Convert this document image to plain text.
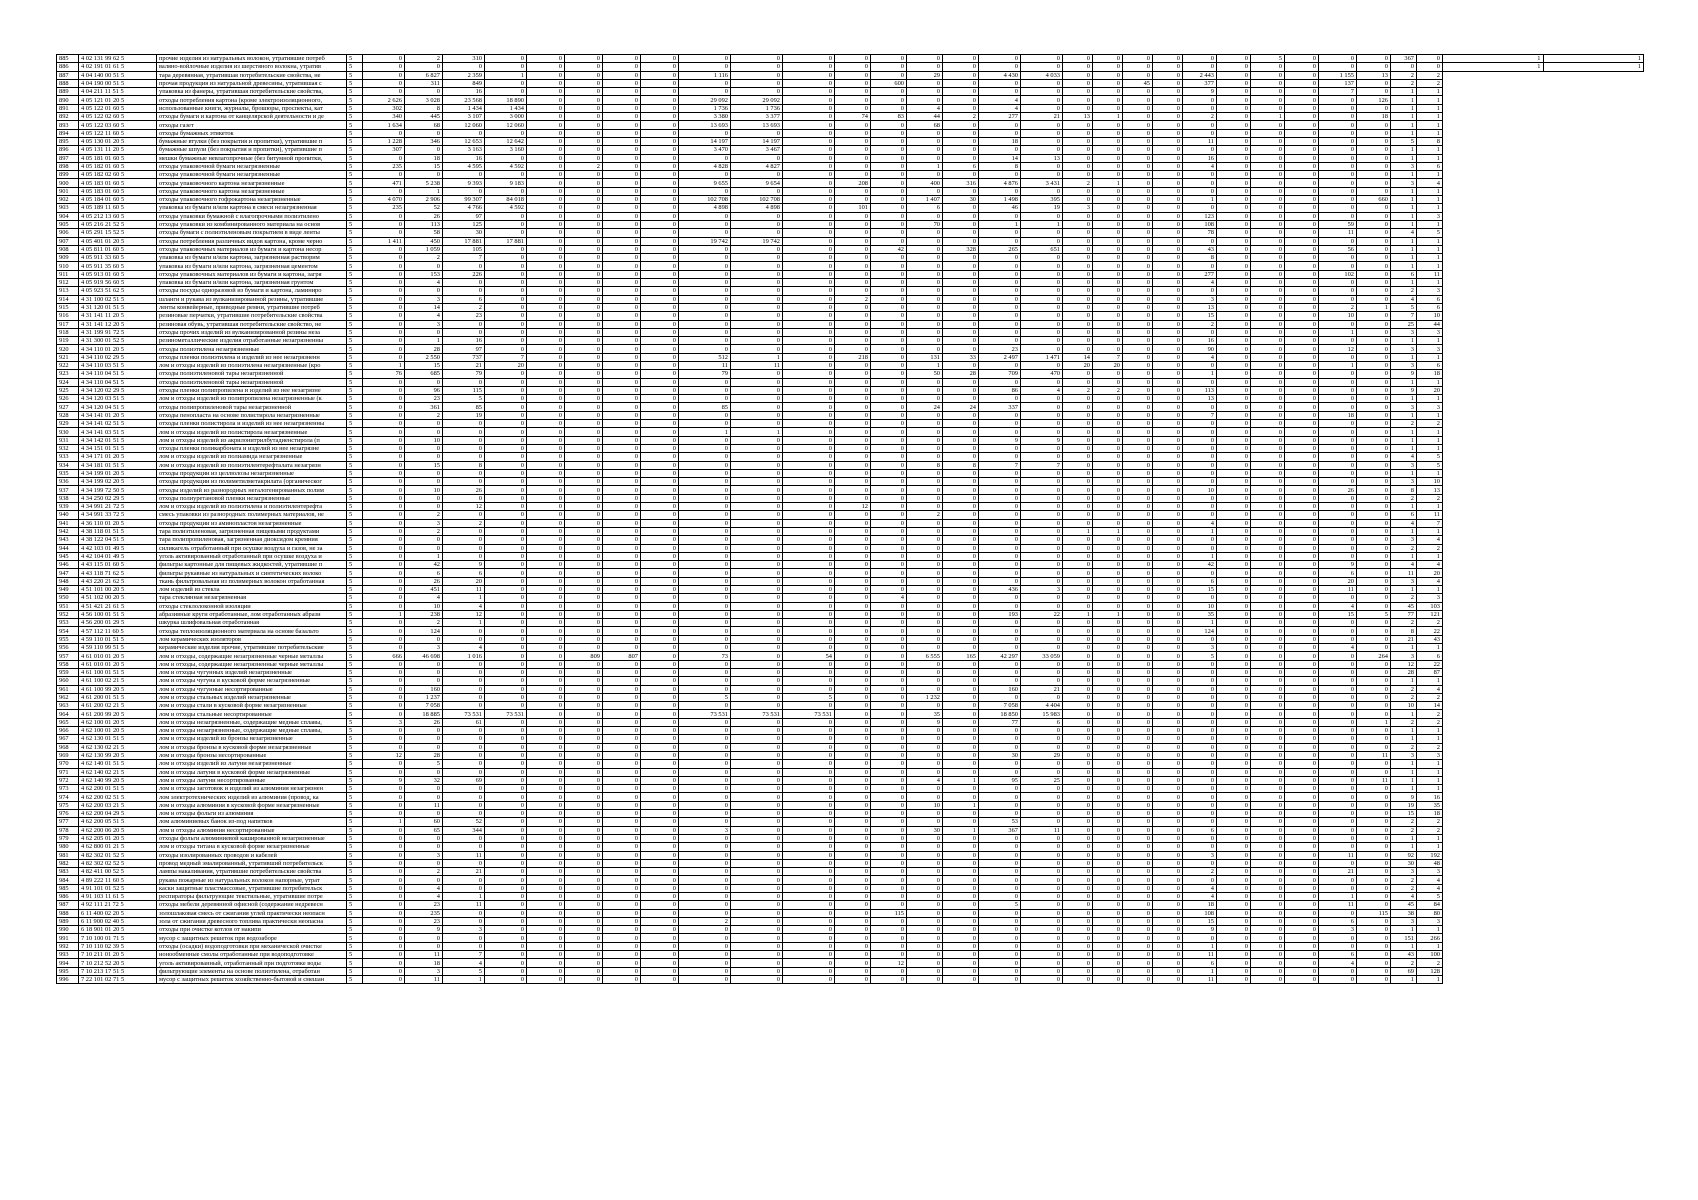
885	4 02 131 99 62 5	прочие изделия из натуральных волокон, утратившие потреб	5	0	2	310	0	0	0	0	0	0	0	0	0	0	0	0	0	0	0	0	0	0	0	0	5	0	0	0	367	0	1	1
886	4 02 191 01 61 5	валяно-войлочные изделия из шерстяного волокна, утратив	5	0	0	0	0	0	0	0	0	0	0	0	0	0	0	0	0	0	0	0	0	0	0	0	0	0	0	0	0	0	1	1
887	4 04 140 00 51 5	тара деревянная, утратившая потребительские свойства, не	5	0	6 827	2 359	1	0	0	0	0	1 116	0	0	0	0	29	0	4 430	4 033	0	0	0	0	2 443	0	0	0	1 155	13	2	2		
888	4 04 190 00 51 5	прочая продукция из натуральной древесины, утратившая с	5	0	311	849	0	0	0	0	0	0	0	0	0	600	0	0	0	0	0	0	45	0	377	0	0	0	137	0	2	2		
889	4 04 211 11 51 5	упаковка из фанеры, утратившая потребительские свойства,	5	0	0	16	0	0	0	0	0	0	0	0	0	0	0	0	0	0	0	0	0	0	9	0	0	0	7	0	1	1		
890	4 05 121 01 20 5	отходы потребления картона (кроме электроизоляционного,	5	2 626	3 028	23 568	18 890	0	0	0	0	29 092	29 092	0	0	0	0	0	4	0	0	0	0	0	0	0	0	0	0	126	1	1		
891	4 05 122 01 60 5	использованные книги, журналы, брошюры, проспекты, кат	5	302	8	1 434	1 434	0	0	0	0	1 736	1 736	0	0	0	4	0	4	0	0	0	0	0	0	0	0	0	0	0	1	1		
892	4 05 122 02 60 5	отходы бумаги и картона от канцелярской деятельности и де	5	340	445	3 107	3 000	0	0	0	0	3 380	3 377	0	74	83	44	2	277	21	13	1	0	0	2	0	1	0	0	18	1	1		
893	4 05 122 03 60 5	отходы газет	5	1 634	68	12 060	12 060	0	0	0	0	13 693	13 693	0	0	0	68	0	0	0	0	0	0	0	0	0	0	0	0	0	1	1		
894	4 05 122 11 60 5	отходы бумажных этикеток	5	0	0	0	0	0	0	0	0	0	0	0	0	0	0	0	0	0	0	0	0	0	0	0	0	0	0	0	1	1		
895	4 05 130 01 20 5	бумажные втулки (без покрытия и пропитки), утратившие п	5	1 228	346	12 653	12 642	0	0	0	0	14 197	14 197	0	0	0	0	0	18	0	0	0	0	0	11	0	0	0	0	0	5	8		
896	4 05 131 11 20 5	бумажные шпули (без покрытия и пропитки), утратившие п	5	307	0	3 163	3 160	0	0	0	0	3 470	3 467	0	0	0	0	0	0	0	0	0	0	0	0	0	0	0	0	0	1	1		
897	4 05 181 01 60 5	мешки бумажные невлагопрочные (без битумной пропитки,	5	0	18	16	0	0	0	0	0	0	0	0	0	0	0	0	14	13	0	0	0	0	16	0	0	0	0	0	1	1		
898	4 05 182 01 60 5	отходы упаковочной бумаги незагрязненные	5	235	15	4 595	4 592	0	2	0	0	4 828	4 827	0	0	0	1	6	8	0	0	0	0	0	4	0	0	0	0	0	3	6		
899	4 05 182 02 60 5	отходы упаковочной бумаги незагрязненные	5	0	0	0	0	0	0	0	0	0	0	0	0	0	0	0	0	0	0	0	0	0	0	0	0	0	0	0	1	1		
900	4 05 183 01 60 5	отходы упаковочного картона незагрязненные	5	471	5 238	9 393	9 183	0	0	0	0	9 655	9 654	0	208	0	400	316	4 876	3 431	2	1	0	0	0	0	0	0	0	0	3	4		
901	4 05 183 01 60 5	отходы упаковочного картона незагрязненные	5	0	1	0	0	0	0	0	0	0	0	0	0	0	0	0	0	0	0	0	0	0	0	0	0	0	0	0	1	1		
902	4 05 184 01 60 5	отходы упаковочного гофрокартона незагрязненные	5	4 070	2 906	99 307	84 018	0	0	0	0	102 708	102 708	0	0	0	1 407	30	1 498	395	0	0	0	0	1	0	0	0	0	660	1	1		
903	4 05 189 11 60 5	упаковка из бумаги и/или картона в смеси незагрязненная	5	235	52	4 766	4 592	0	0	0	0	4 898	4 898	0	101	0	6	0	46	19	3	0	0	0	0	0	0	0	0	0	1	1		
904	4 05 212 13 60 5	отходы упаковки бумажной с влагопрочными полиэтилено	5	0	26	97	0	0	0	0	0	0	0	0	0	0	0	0	0	0	0	0	0	0	123	0	0	0	0	0	1	3		
905	4 05 216 21 52 5	отходы упаковки из комбинированного материала на основ	5	0	113	125	0	0	0	0	0	0	0	0	0	0	70	0	1	1	0	0	0	0	108	0	0	0	59	0	1	1		
906	4 05 291 15 52 5	отходы бумаги с полиэтиленовым покрытием в виде ленты	5	0	58	30	0	0	0	0	0	0	0	0	0	0	0	0	0	0	0	0	0	0	78	0	0	0	11	0	4	5		
907	4 05 401 01 20 5	отходы потребления различных видов картона, кроме черно	5	1 411	450	17 881	17 881	0	0	0	0	19 742	19 742	0	0	0	0	0	0	0	0	0	0	0	0	0	0	0	0	0	1	1		
908	4 05 811 01 60 5	отходы упаковочных материалов из бумаги и картона несор	5	0	1 059	105	0	0	0	0	0	0	0	0	0	42	0	328	265	651	0	0	0	0	43	0	0	0	56	0	1	1		
909	4 05 911 33 60 5	упаковка из бумаги и/или картона, загрязненная растворим	5	0	2	7	0	0	0	0	0	0	0	0	0	0	0	0	0	0	0	0	0	0	8	0	0	0	0	0	1	1		
910	4 05 911 35 60 5	упаковка из бумаги и/или картона, загрязненная цементом	5	0	0	0	0	0	0	0	0	0	0	0	0	0	0	0	0	0	0	0	0	0	0	0	0	0	0	0	1	1		
911	4 05 913 01 60 5	отходы упаковочных материалов из бумаги и картона, загря	5	0	153	226	0	0	0	0	0	0	0	0	0	0	0	0	0	0	0	0	0	0	277	0	0	0	102	0	6	11		
912	4 05 919 56 60 5	упаковка из бумаги и/или картона, загрязненная грунтом	5	0	4	0	0	0	0	0	0	0	0	0	0	0	0	0	0	0	0	0	0	0	4	0	0	0	0	0	1	1		
913	4 05 923 51 62 5	отходы посуды одноразовой из бумаги и картона, ламиниро	5	0	0	0	0	0	0	0	0	0	0	0	0	0	0	0	0	0	0	0	0	0	0	0	0	0	0	0	2	3		
914	4 31 100 02 51 5	шланги и рукава из вулканизированной резины, утратившие	5	0	3	6	0	0	0	0	0	0	0	0	2	0	0	0	0	0	0	0	0	0	3	0	0	0	0	0	4	6		
915	4 31 120 01 51 5	ленты конвейерные, приводные ремни, утратившие потреб	5	0	14	2	0	0	0	0	0	0	0	0	0	0	0	0	0	0	0	0	0	0	13	0	0	0	2	1	5	6		
916	4 31 141 11 20 5	резиновые перчатки, утратившие потребительские свойства	5	0	4	23	0	0	0	0	0	0	0	0	0	0	0	0	0	0	0	0	0	0	15	0	0	0	10	0	7	10		
917	4 31 141 12 20 5	резиновая обувь, утратившая потребительские свойство, не	5	0	3	0	0	0	0	0	0	0	0	0	0	0	0	0	0	0	0	0	0	0	2	0	0	0	0	0	25	44		
918	4 31 199 91 72 5	отходы прочих изделий из вулканизированной резины неза	5	0	0	0	0	0	0	0	0	0	0	0	0	0	0	0	0	0	0	0	0	0	0	0	0	0	1	0	3	3		
919	4 31 300 01 52 5	резинометаллические изделия отработанные незагрязненны	5	0	1	16	0	0	0	0	0	0	0	0	0	0	0	0	0	0	0	0	0	0	16	0	0	0	0	0	1	1		
920	4 34 110 01 20 5	отходы полиэтилена незагрязненные	5	0	28	97	0	0	0	0	0	0	0	0	0	0	0	0	23	0	0	0	0	0	90	0	0	0	12	0	3	3		
921	4 34 110 02 29 5	отходы пленки полиэтилена и изделий из нее незагрязненн	5	0	2 550	737	7	0	0	0	0	512	1	0	218	0	131	33	2 497	1 471	14	7	0	0	4	0	0	0	0	0	1	1		
922	4 34 110 03 51 5	лом и отходы изделий из полиэтилена незагрязненные (кро	5	1	15	21	20	0	0	0	0	11	11	0	0	0	1	0	0	0	20	20	0	0	0	0	0	0	1	0	3	6		
923	4 34 110 04 51 5	отходы полиэтиленовой тары незагрязненной	5	76	685	79	0	0	0	0	0	79	0	0	0	0	50	28	709	470	0	0	0	0	1	0	0	0	0	0	9	18		
924	4 34 110 04 51 5	отходы полиэтиленовой тары незагрязненной	5	0	0	0	0	0	0	0	0	0	0	0	0	0	0	0	0	0	0	0	0	0	0	0	0	0	0	0	1	1		
925	4 34 120 02 29 5	отходы пленки полипропилена и изделий из нее незагрязне	5	0	96	115	0	0	0	0	0	0	0	0	0	0	0	0	86	4	2	2	0	0	113	0	0	0	0	0	9	20		
926	4 34 120 03 51 5	лом и отходы изделий из полипропилена незагрязненные (к	5	0	23	5	0	0	0	0	0	0	0	0	0	0	0	0	0	0	0	0	0	0	13	0	0	0	0	0	1	1		
927	4 34 120 04 51 5	отходы полипропиленовой тары незагрязненной	5	0	361	85	0	0	0	0	0	85	0	0	0	0	24	24	337	0	0	0	0	0	0	0	0	0	0	0	3	3		
928	4 34 141 01 20 5	отходы пенопласта на основе полистирола незагрязненные	5	0	2	19	0	0	0	0	0	0	0	0	0	0	0	0	0	0	0	0	0	0	7	0	0	0	18	0	1	1		
929	4 34 141 02 51 5	отходы пленки полистирола и изделий из нее незагрязненны	5	0	0	0	0	0	0	0	0	0	0	0	0	0	0	0	0	0	0	0	0	0	0	0	0	0	0	0	2	2		
930	4 34 141 03 51 5	лом и отходы изделий из полистирола незагрязненные	5	0	0	0	0	0	0	0	0	1	1	0	0	0	0	0	0	0	0	0	0	0	0	0	0	0	0	0	1	1		
931	4 34 142 01 51 5	лом и отходы изделий из акрилонитрилбутадиенстирола (п	5	0	10	0	0	0	0	0	0	0	0	0	0	0	0	0	9	9	0	0	0	0	0	0	0	0	0	0	1	1		
932	4 34 151 01 51 5	отходы пленки поликарбоната и изделий из нее незагрязне	5	0	0	0	0	0	0	0	0	0	0	0	0	0	0	0	0	0	0	0	0	0	0	0	0	0	0	0	1	1		
933	4 34 171 01 20 5	лом и отходы изделий из полиамида незагрязненные	5	0	0	0	0	0	0	0	0	0	0	0	0	0	0	0	0	0	0	0	0	0	0	0	0	0	0	0	4	5		
934	4 34 181 01 51 5	лом и отходы изделий из полиэтилентерефталата незагрязн	5	0	15	8	0	0	0	0	0	0	0	0	0	0	8	8	7	7	0	0	0	0	0	0	0	0	0	0	3	5		
935	4 34 199 01 20 5	отходы продукции из целлюлозы незагрязненные	5	0	0	0	0	0	0	0	0	0	0	0	0	0	0	0	0	0	0	0	0	0	0	0	0	0	0	0	1	1		
936	4 34 199 02 20 5	отходы продукции из полиметилметакрилата (органическог	5	0	0	0	0	0	0	0	0	0	0	0	0	0	0	0	0	0	0	0	0	0	0	0	0	0	0	0	3	10		
937	4 34 199 72 50 5	отходы изделий из разнородных негалогенированных полим	5	0	10	26	0	0	0	0	0	0	0	0	0	0	0	0	0	0	0	0	0	0	10	0	0	0	26	0	8	13		
938	4 34 250 02 29 5	отходы полиуретановой пленки незагрязненные	5	0	0	0	0	0	0	0	0	0	0	0	0	0	0	0	0	0	0	0	0	0	0	0	0	0	0	0	2	2		
939	4 34 991 21 72 5	лом и отходы изделий из полиэтилена и полиэтилентерефта	5	0	0	12	0	0	0	0	0	0	0	0	12	0	0	0	0	0	0	0	0	0	0	0	0	0	0	0	1	1		
940	4 34 991 33 72 5	смесь упаковки из разнородных полимерных материалов, не	5	0	2	0	0	0	0	0	0	0	0	0	0	0	2	0	0	0	0	0	0	0	0	0	0	0	0	0	6	11		
941	4 36 110 01 20 5	отходы продукции из аминопластов незагрязненные	5	0	3	2	0	0	0	0	0	0	0	0	0	0	0	0	0	0	0	0	0	0	4	0	0	0	0	0	4	7		
942	4 38 118 01 51 5	тара полиэтиленовая, загрязненная пищевыми продуктами	5	0	2	0	0	0	0	0	0	0	0	0	0	0	0	0	0	0	1	1	0	0	1	0	0	0	0	0	1	1		
943	4 38 122 04 51 5	тара полипропиленовая, загрязненная диоксидом кремния	5	0	0	0	0	0	0	0	0	0	0	0	0	0	0	0	0	0	0	0	0	0	0	0	0	0	0	0	3	4		
944	4 42 103 01 49 5	силикагель отработанный при осушке воздуха и газов, не за	5	0	0	0	0	0	0	0	0	0	0	0	0	0	0	0	0	0	0	0	0	0	0	0	0	0	0	0	2	2		
945	4 42 104 01 49 5	уголь активированный отработанный при осушке воздуха и	5	0	1	0	0	0	0	0	0	0	0	0	0	0	0	0	0	0	0	0	0	0	1	0	0	0	0	0	1	1		
946	4 43 115 01 60 5	фильтры картонные для пищевых жидкостей, утратившие п	5	0	42	9	0	0	0	0	0	0	0	0	0	0	0	0	0	0	0	0	0	0	42	0	0	0	9	0	4	4		
947	4 43 118 71 62 5	фильтры рукавные из натуральных и синтетических волоко	5	0	6	6	0	0	0	0	0	0	0	0	0	0	0	0	0	0	0	0	0	0	0	0	0	0	6	0	11	20		
948	4 43 220 21 62 5	ткань фильтровальная из полимерных волокон отработанная	5	0	26	20	0	0	0	0	0	0	0	0	0	0	0	0	0	0	0	0	0	0	6	0	0	0	20	0	3	4		
949	4 51 101 00 20 5	лом изделий из стекла	5	0	451	11	0	0	0	0	0	0	0	0	0	0	0	0	436	3	0	0	0	0	15	0	0	0	11	0	1	1		
950	4 51 102 00 20 5	тара стеклянная незагрязненная	5	0	4	1	0	0	0	0	0	0	0	0	0	4	0	0	0	0	0	0	0	0	0	0	0	0	0	0	2	3		
951	4 51 421 21 61 5	отходы стеклолоконной изоляции	5	0	10	4	0	0	0	0	0	0	0	0	0	0	0	0	0	0	0	0	0	0	10	0	0	0	4	0	45	103		
952	4 56 100 01 51 5	абразивные круги отработанные, лом отработанных абрази	5	1	238	12	0	0	0	0	0	0	0	0	0	0	0	0	193	22	1	1	0	0	35	0	0	0	15	5	77	121		
953	4 56 200 01 29 5	шкурка шлифовальная отработанная	5	0	2	1	0	0	0	0	0	0	0	0	0	0	0	0	0	0	0	0	0	0	1	0	0	0	0	0	2	2		
954	4 57 112 11 60 5	отходы теплоизоляционного материала на основе базальто	5	0	124	0	0	0	0	0	0	0	0	0	0	0	0	0	0	0	0	0	0	0	124	0	0	0	0	0	8	22		
955	4 59 110 01 51 5	лом керамических изоляторов	5	0	0	0	0	0	0	0	0	0	0	0	0	0	0	0	0	0	0	0	0	0	0	0	0	0	0	0	21	43		
956	4 59 110 99 51 5	керамические изделия прочие, утратившие потребительские	5	0	3	4	0	0	0	0	0	0	0	0	0	0	0	0	0	0	0	0	0	0	3	0	0	0	4	0	1	1		
957	4 61 010 01 20 5	лом и отходы, содержащие незагрязненные черные металлы	5	666	46 698	1 016	0	0	809	807	0	73	0	54	0	0	6 555	165	42 297	33 059	0	0	0	0	5	0	0	0	0	264	3	6		
958	4 61 010 01 20 5	лом и отходы, содержащие незагрязненные черные металлы	5	0	0	0	0	0	0	0	0	0	0	0	0	0	0	0	0	0	0	0	0	0	0	0	0	0	0	0	12	22		
959	4 61 100 01 51 5	лом и отходы чугунных изделий незагрязненные	5	0	0	0	0	0	0	0	0	0	0	0	0	0	0	0	0	0	0	0	0	0	0	0	0	0	0	0	28	87		
960	4 61 100 02 21 5	лом и отходы чугуна в кусковой форме незагрязненные	5	0	0	0	0	0	0	0	0	0	0	0	0	0	0	0	0	0	0	0	0	0	0	0	0	0	0	0	1	1		
961	4 61 100 99 20 5	лом и отходы чугунные несортированные	5	0	160	0	0	0	0	0	0	0	0	0	0	0	0	0	160	21	0	0	0	0	0	0	0	0	0	0	2	4		
962	4 61 200 01 51 5	лом и отходы стальных изделий незагрязненные	5	0	1 237	0	0	0	0	0	0	5	0	5	0	0	1 232	0	0	0	0	0	0	0	0	0	0	0	0	0	2	2		
963	4 61 200 02 21 5	лом и отходы стали в кусковой форме незагрязненные	5	0	7 058	0	0	0	0	0	0	0	0	0	0	0	0	0	7 058	4 404	0	0	0	0	0	0	0	0	0	0	10	14		
964	4 61 200 99 20 5	лом и отходы стальные несортированные	5	0	18 885	73 531	73 531	0	0	0	0	73 531	73 531	73 531	0	0	35	0	18 850	15 983	0	0	0	0	0	0	0	0	0	0	1	2		
965	4 62 100 01 20 5	лом и отходы незагрязненные, содержащие медные сплавы,	5	3	26	61	0	0	0	0	0	0	0	0	0	0	9	0	77	6	0	0	0	0	0	0	0	0	0	1	2	2		
966	4 62 100 01 20 5	лом и отходы незагрязненные, содержащие медные сплавы,	5	0	0	0	0	0	0	0	0	0	0	0	0	0	0	0	0	0	0	0	0	0	0	0	0	0	0	0	1	1		
967	4 62 130 01 51 5	лом и отходы изделий из бронзы незагрязненные	5	0	0	0	0	0	0	0	0	0	0	0	0	0	0	0	0	0	0	0	0	0	0	0	0	0	0	0	1	1		
968	4 62 130 02 21 5	лом и отходы бронзы в кусковой форме незагрязненные	5	0	0	0	0	0	0	0	0	0	0	0	0	0	0	0	0	0	0	0	0	0	0	0	0	0	0	0	2	2		
969	4 62 130 99 20 5	лом и отходы бронзы несортированные	5	12	28	0	0	0	0	0	0	0	0	0	0	0	0	0	30	29	0	0	0	0	0	0	0	0	0	11	3	3		
970	4 62 140 01 51 5	лом и отходы изделий из латуни незагрязненные	5	0	5	0	0	0	0	0	0	0	0	0	0	0	0	0	0	0	0	0	0	0	0	0	0	0	0	0	1	1		
971	4 62 140 02 21 5	лом и отходы латуни в кусковой форме незагрязненные	5	0	0	0	0	0	0	0	0	0	0	0	0	0	0	0	0	0	0	0	0	0	0	0	0	0	0	0	1	1		
972	4 62 140 99 20 5	лом и отходы латуни несортированные	5	9	32	69	0	0	0	0	0	0	0	0	0	0	4	1	95	25	0	0	0	0	0	0	0	0	0	11	1	1		
973	4 62 200 01 51 5	лом и отходы заготовок и изделий из алюминия незагрязнен	5	0	0	0	0	0	0	0	0	0	0	0	0	0	0	0	0	0	0	0	0	0	0	0	0	0	0	0	1	1		
974	4 62 200 02 51 5	лом электротехнических изделий из алюминия (провод, ка	5	0	0	0	0	0	0	0	0	0	0	0	0	0	0	0	0	0	0	0	0	0	0	0	0	0	0	0	9	16		
975	4 62 200 03 21 5	лом и отходы алюминия в кусковой форме незагрязненные	5	0	11	0	0	0	0	0	0	0	0	0	0	0	10	1	0	0	0	0	0	0	0	0	0	0	0	0	19	35		
976	4 62 200 04 29 5	лом и отходы фольги из алюминия	5	0	0	0	0	0	0	0	0	0	0	0	0	0	0	0	0	0	0	0	0	0	0	0	0	0	0	0	15	18		
977	4 62 200 05 51 5	лом алюминиевых банок из-под напитков	5	1	60	52	0	0	0	0	0	0	0	0	0	0	0	0	53	0	0	0	0	0	0	0	0	0	0	0	2	2		
978	4 62 200 06 20 5	лом и отходы алюминия несортированные	5	0	65	344	0	0	0	0	0	3	0	0	0	0	30	1	367	11	0	0	0	0	6	0	0	0	0	0	2	2		
979	4 62 205 01 20 5	отходы фольги алюминиевой кашированной незагрязненные	5	0	0	0	0	0	0	0	0	0	0	0	0	0	0	0	0	0	0	0	0	0	0	0	0	0	0	0	1	1		
980	4 62 800 01 21 5	лом и отходы титана в кусковой форме незагрязненные	5	0	0	0	0	0	0	0	0	0	0	0	0	0	0	0	0	0	0	0	0	0	0	0	0	0	0	0	1	1		
981	4 82 302 01 52 5	отходы изолированных проводов и кабелей	5	0	3	11	0	0	0	0	0	0	0	0	0	0	0	0	0	0	0	0	0	0	3	0	0	0	11	0	92	192		
982	4 82 302 02 52 5	провод медный эмалированный, утративший потребительск	5	0	0	0	0	0	0	0	0	0	0	0	0	0	0	0	0	0	0	0	0	0	0	0	0	0	0	0	30	48		
983	4 82 411 00 52 5	лампы накаливания, утратившие потребительские свойства	5	0	2	21	0	0	0	0	0	0	0	0	0	0	0	0	0	0	0	0	0	0	2	0	0	0	21	0	3	3		
984	4 89 222 11 60 5	рукава пожарные из натуральных волокон напорные, утрат	5	0	0	0	0	0	0	0	0	0	0	0	0	0	0	0	0	0	0	0	0	0	0	0	0	0	0	0	2	4		
985	4 91 101 01 52 5	каски защитные пластмассовые, утратившие потребительск	5	0	4	0	0	0	0	0	0	0	0	0	0	0	0	0	0	0	0	0	0	0	4	0	0	0	0	0	2	4		
986	4 91 103 11 61 5	респираторы фильтрующие текстильные, утратившие потре	5	0	4	1	0	0	0	0	0	0	0	0	0	0	0	0	0	0	0	0	0	0	4	0	0	0	1	0	4	5		
987	4 92 111 21 72 5	отходы мебели деревянной офисной (содержание недревесн	5	0	23	11	0	0	0	0	0	0	0	0	0	0	0	0	5	0	0	0	0	0	18	0	0	0	11	0	45	84		
988	6 11 400 02 20 5	золошлаковая смесь от сжигания углей практически неопасн	5	0	235	0	0	0	0	0	0	0	0	0	0	115	0	0	0	0	0	0	0	0	108	0	0	0	0	115	38	80		
989	6 11 900 02 40 5	зола от сжигания древесного топлива практически неопасна	5	0	23	0	0	0	0	0	0	2	0	0	0	0	0	0	0	0	0	0	0	0	15	0	0	0	6	0	3	3		
990	6 18 901 01 20 5	отходы при очистке котлов от накипи	5	0	9	3	0	0	0	0	0	0	0	0	0	0	0	0	0	0	0	0	0	0	9	0	0	0	3	0	1	1		
991	7 10 100 01 71 5	мусор с защитных решеток при водозаборе	5	0	0	0	0	0	0	0	0	0	0	0	0	0	0	0	0	0	0	0	0	0	0	0	0	0	0	0	151	266		
992	7 10 110 02 39 5	отходы (осадки) водоподготовки при механической очистке	5	0	0	0	0	0	0	0	0	0	0	0	0	0	0	0	0	0	0	0	0	0	1	0	0	0	0	0	1	1		
993	7 10 211 01 20 5	ионообменные смолы отработанные при водоподготовке	5	0	11	7	0	0	0	0	0	0	0	0	0	0	0	0	0	0	0	0	0	0	11	0	0	0	6	0	43	100		
994	7 10 212 52 20 5	уголь активированный, отработанный при подготовке воды	5	0	18	4	0	0	0	0	0	0	0	0	0	12	0	0	0	0	0	0	0	0	6	0	0	0	4	0	2	2		
995	7 10 213 17 51 5	фильтрующие элементы на основе полиэтилена, отработан	5	0	3	5	0	0	0	0	0	0	0	0	0	0	0	0	0	0	0	0	0	0	1	0	0	0	0	0	69	128		
996	7 22 101 02 71 5	мусор с защитных решеток хозяйственно-бытовой и смешан	5	0	11	1	0	0	0	0	0	0	0	0	0	0	0	0	0	0	0	0	0	0	11	0	0	0	0	0	1	1		
